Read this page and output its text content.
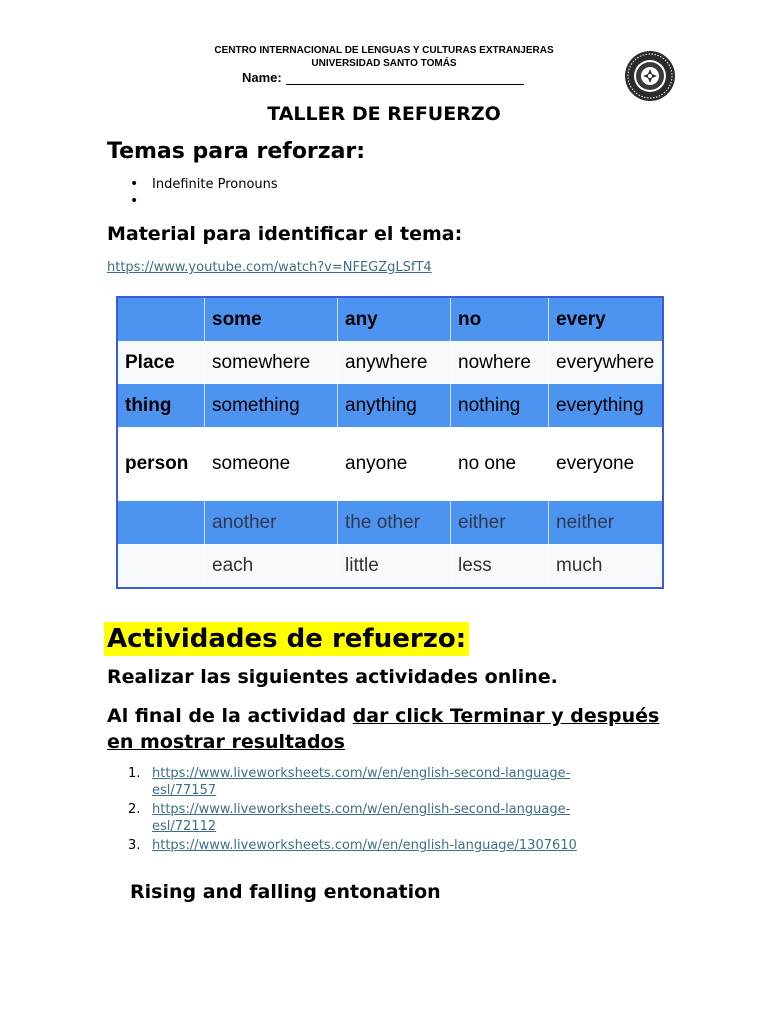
CENTRO INTERNACIONAL DE LENGUAS Y CULTURAS EXTRANJERAS
UNIVERSIDAD SANTO TOMÁS
Name:
TALLER DE REFUERZO
Temas para reforzar:
• Indefinite Pronouns
•
Material para identificar el tema:
https://www.youtube.com/watch?v=NFEGZgLSfT4
	some	any	no	every
Place	somewhere	anywhere	nowhere	everywhere
thing	something	anything	nothing	everything
person	someone	anyone	no one	everyone
	another	the other	either	neither
	each	little	less	much
Actividades de refuerzo:
Realizar las siguientes actividades online.
Al final de la actividad dar click Terminar y después en mostrar resultados
1. https://www.liveworksheets.com/w/en/english-second-language-esl/77157
2. https://www.liveworksheets.com/w/en/english-second-language-esl/72112
3. https://www.liveworksheets.com/w/en/english-language/1307610
Rising and falling entonation
